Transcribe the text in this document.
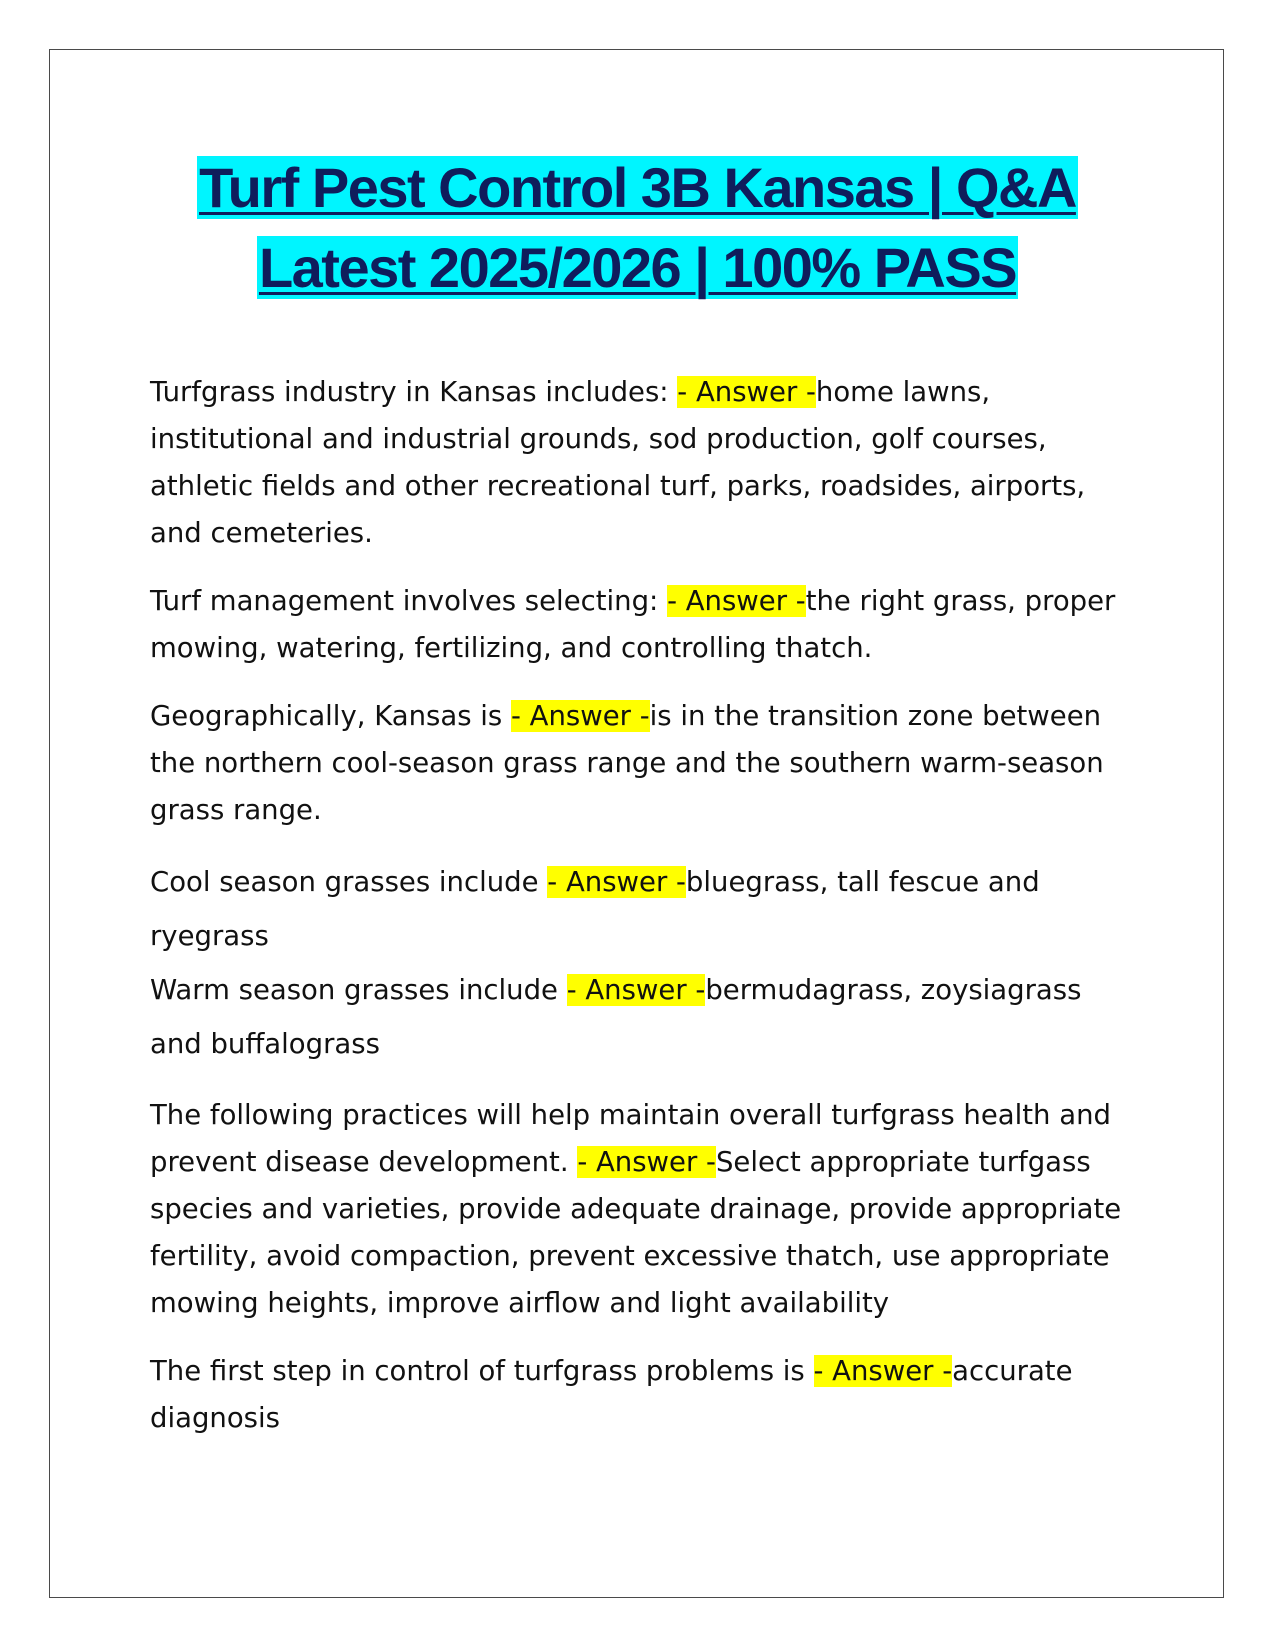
Turf Pest Control 3B Kansas | Q&A
Latest 2025/2026 | 100% PASS

Turfgrass industry in Kansas includes: - Answer -home lawns, institutional and industrial grounds, sod production, golf courses, athletic fields and other recreational turf, parks, roadsides, airports, and cemeteries.

Turf management involves selecting: - Answer -the right grass, proper mowing, watering, fertilizing, and controlling thatch.

Geographically, Kansas is - Answer -is in the transition zone between the northern cool-season grass range and the southern warm-season grass range.

Cool season grasses include - Answer -bluegrass, tall fescue and ryegrass

Warm season grasses include - Answer -bermudagrass, zoysiagrass and buffalograss

The following practices will help maintain overall turfgrass health and prevent disease development. - Answer -Select appropriate turfgass species and varieties, provide adequate drainage, provide appropriate fertility, avoid compaction, prevent excessive thatch, use appropriate mowing heights, improve airflow and light availability

The first step in control of turfgrass problems is - Answer -accurate diagnosis
